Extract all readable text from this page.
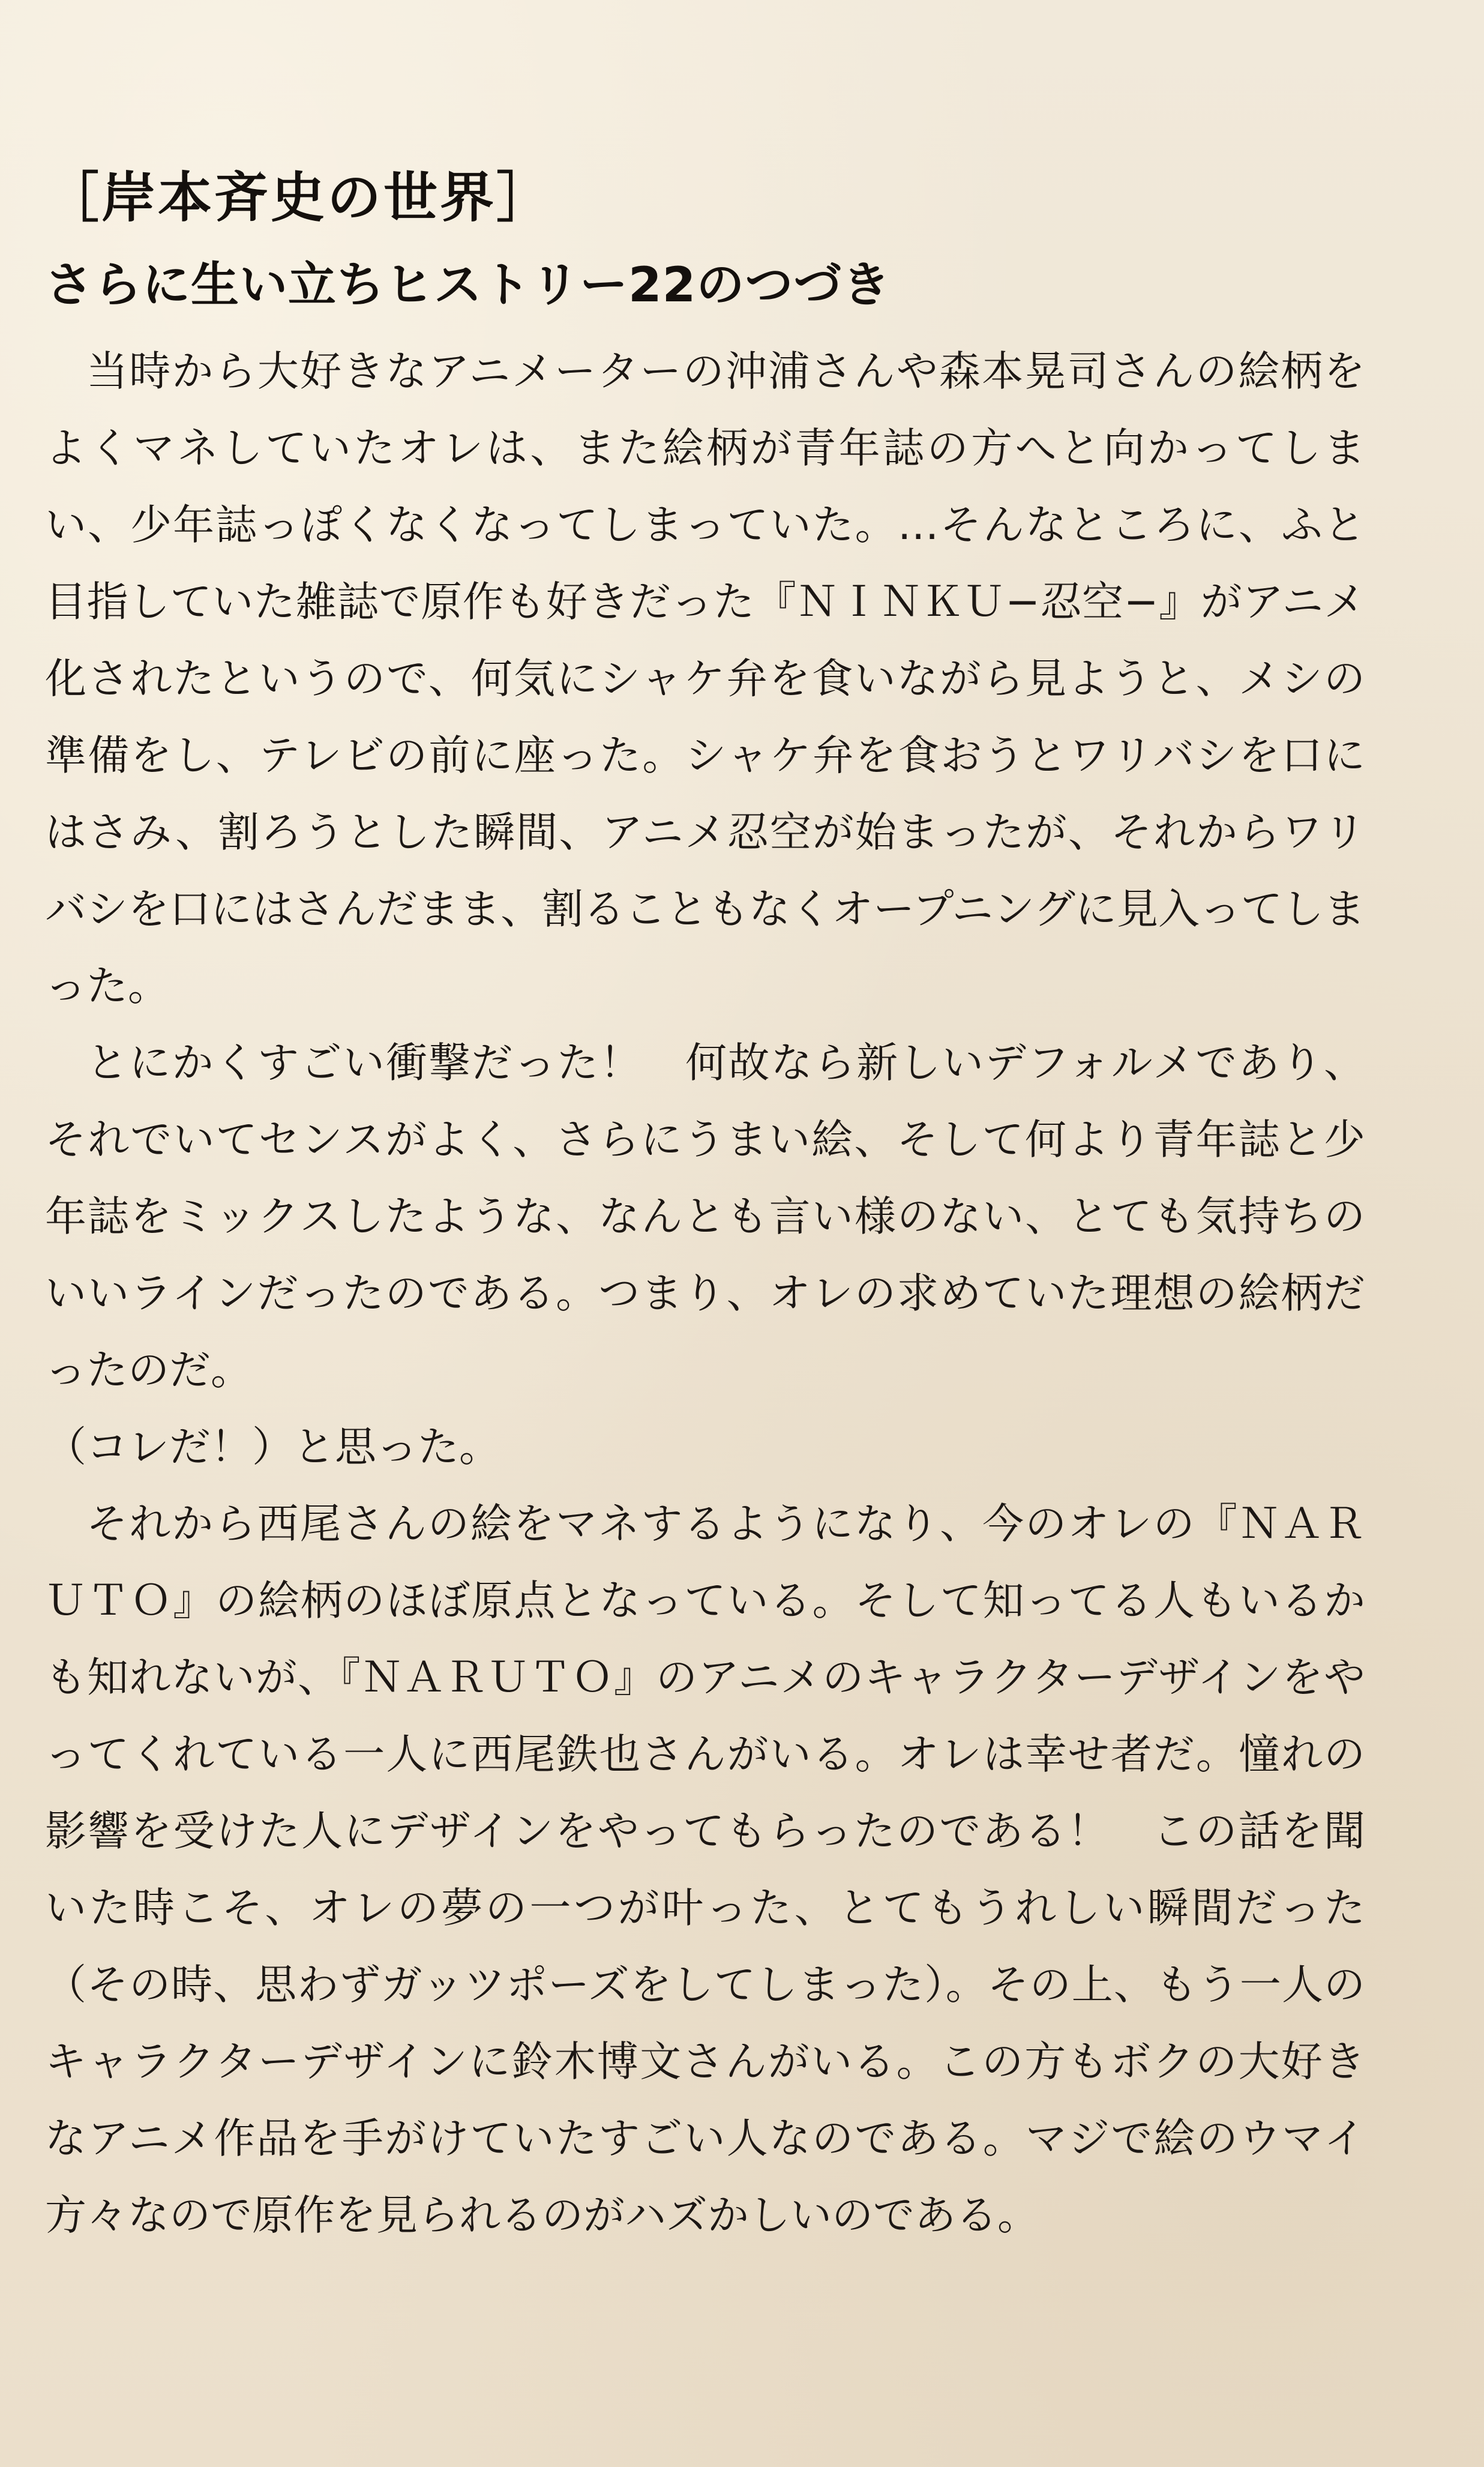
［岸本斉史の世界］
さらに生い立ちヒストリー22のつづき

当時から大好きなアニメーターの沖浦さんや森本晃司さんの絵柄をよくマネしていたオレは、また絵柄が青年誌の方へと向かってしまい、少年誌っぽくなくなってしまっていた。…そんなところに、ふと目指していた雑誌で原作も好きだった『ＮＩＮＫＵ−忍空−』がアニメ化されたというので、何気にシャケ弁を食いながら見ようと、メシの準備をし、テレビの前に座った。シャケ弁を食おうとワリバシを口にはさみ、割ろうとした瞬間、アニメ忍空が始まったが、それからワリバシを口にはさんだまま、割ることもなくオープニングに見入ってしまった。

とにかくすごい衝撃だった！　何故なら新しいデフォルメであり、それでいてセンスがよく、さらにうまい絵、そして何より青年誌と少年誌をミックスしたような、なんとも言い様のない、とても気持ちのいいラインだったのである。つまり、オレの求めていた理想の絵柄だったのだ。

（コレだ！）と思った。

それから西尾さんの絵をマネするようになり、今のオレの『ＮＡＲＵＴＯ』の絵柄のほぼ原点となっている。そして知ってる人もいるかも知れないが、『ＮＡＲＵＴＯ』のアニメのキャラクターデザインをやってくれている一人に西尾鉄也さんがいる。オレは幸せ者だ。憧れの影響を受けた人にデザインをやってもらったのである！　この話を聞いた時こそ、オレの夢の一つが叶った、とてもうれしい瞬間だった（その時、思わずガッツポーズをしてしまった）。その上、もう一人のキャラクターデザインに鈴木博文さんがいる。この方もボクの大好きなアニメ作品を手がけていたすごい人なのである。マジで絵のウマイ方々なので原作を見られるのがハズかしいのである。
